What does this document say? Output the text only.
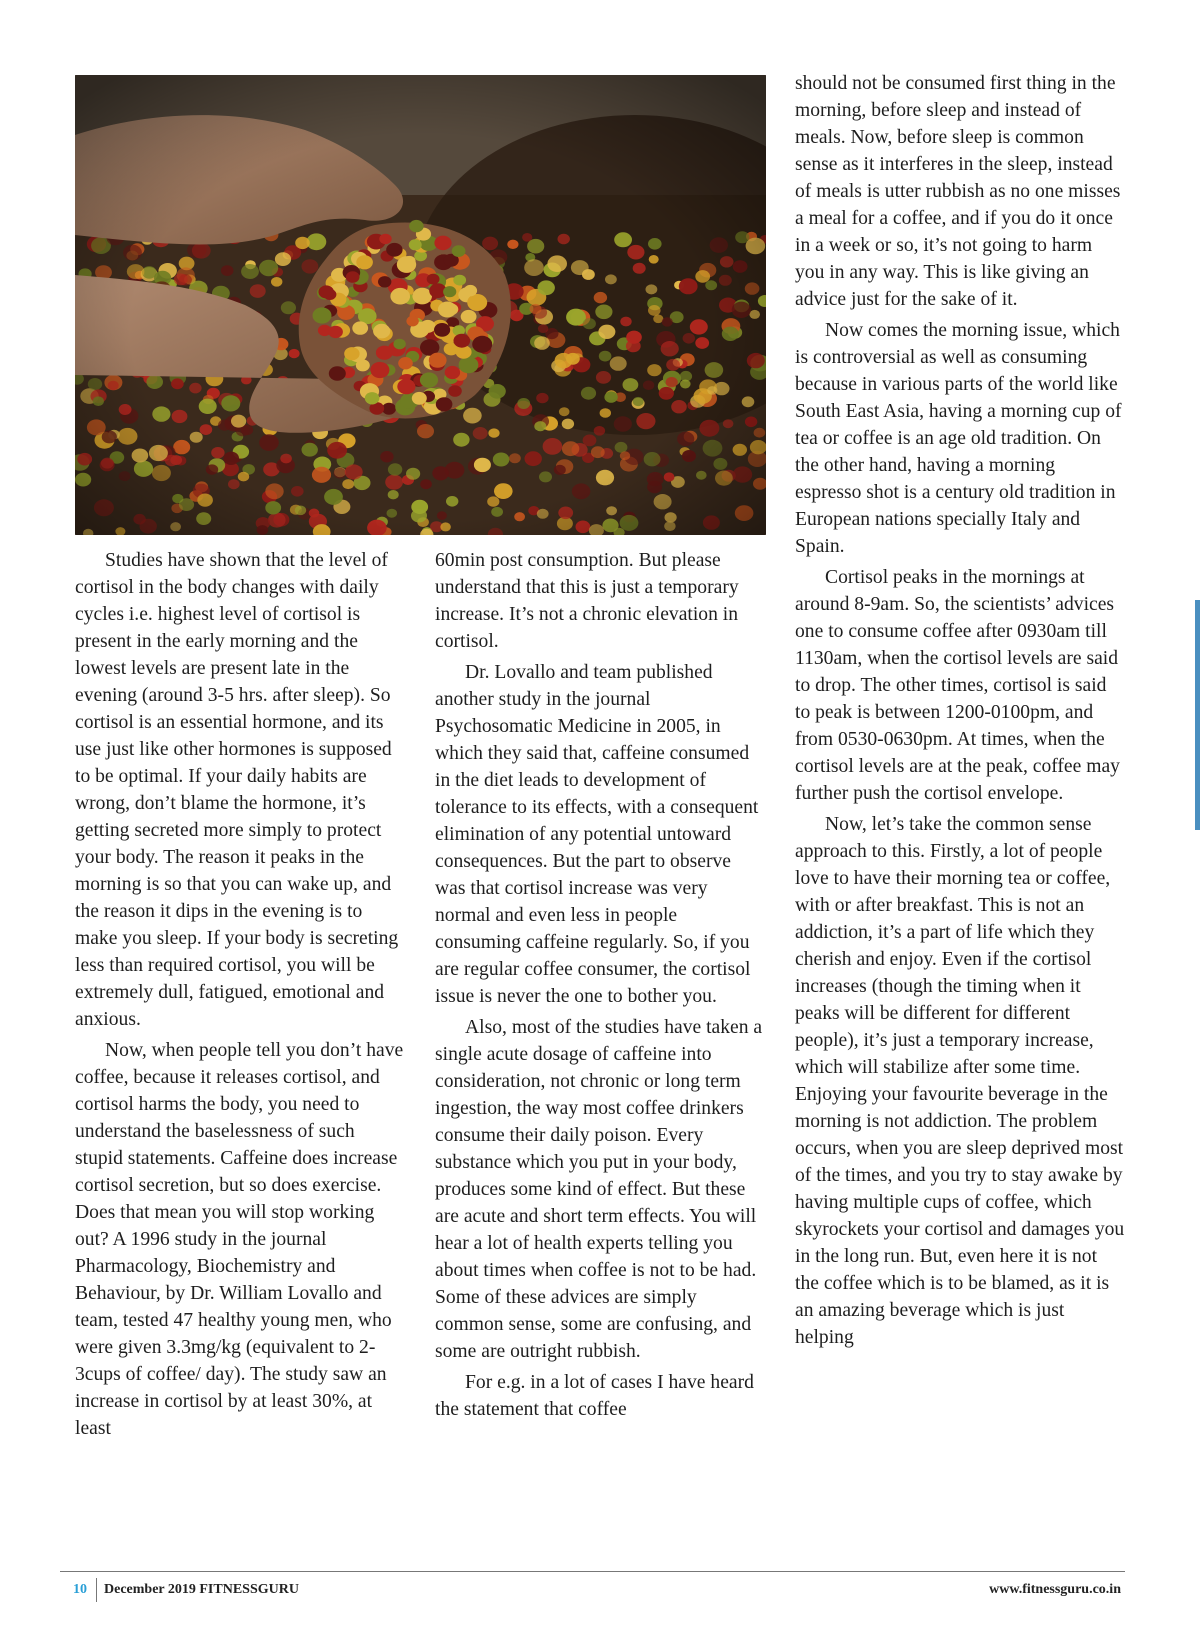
Studies have shown that the level of cortisol in the body changes with daily cycles i.e. highest level of cortisol is present in the early morning and the lowest levels are present late in the evening (around 3-5 hrs. after sleep). So cortisol is an essential hormone, and its use just like other hormones is supposed to be optimal. If your daily habits are wrong, don’t blame the hormone, it’s getting secreted more simply to protect your body. The reason it peaks in the morning is so that you can wake up, and the reason it dips in the evening is to make you sleep. If your body is secreting less than required cortisol, you will be extremely dull, fatigued, emotional and anxious.

Now, when people tell you don’t have coffee, because it releases cortisol, and cortisol harms the body, you need to understand the baselessness of such stupid statements. Caffeine does increase cortisol secretion, but so does exercise. Does that mean you will stop working out? A 1996 study in the journal Pharmacology, Biochemistry and Behaviour, by Dr. William Lovallo and team, tested 47 healthy young men, who were given 3.3mg/kg (equivalent to 2-3cups of coffee/ day). The study saw an increase in cortisol by at least 30%, at least

60min post consumption. But please understand that this is just a temporary increase. It’s not a chronic elevation in cortisol.

Dr. Lovallo and team published another study in the journal Psychosomatic Medicine in 2005, in which they said that, caffeine consumed in the diet leads to development of tolerance to its effects, with a consequent elimination of any potential untoward consequences. But the part to observe was that cortisol increase was very normal and even less in people consuming caffeine regularly. So, if you are regular coffee consumer, the cortisol issue is never the one to bother you.

Also, most of the studies have taken a single acute dosage of caffeine into consideration, not chronic or long term ingestion, the way most coffee drinkers consume their daily poison. Every substance which you put in your body, produces some kind of effect. But these are acute and short term effects. You will hear a lot of health experts telling you about times when coffee is not to be had. Some of these advices are simply common sense, some are confusing, and some are outright rubbish.

For e.g. in a lot of cases I have heard the statement that coffee

should not be consumed first thing in the morning, before sleep and instead of meals. Now, before sleep is common sense as it interferes in the sleep, instead of meals is utter rubbish as no one misses a meal for a coffee, and if you do it once in a week or so, it’s not going to harm you in any way. This is like giving an advice just for the sake of it.

Now comes the morning issue, which is controversial as well as consuming because in various parts of the world like South East Asia, having a morning cup of tea or coffee is an age old tradition. On the other hand, having a morning espresso shot is a century old tradition in European nations specially Italy and Spain.

Cortisol peaks in the mornings at around 8-9am. So, the scientists’ advices one to consume coffee after 0930am till 1130am, when the cortisol levels are said to drop. The other times, cortisol is said to peak is between 1200-0100pm, and from 0530-0630pm. At times, when the cortisol levels are at the peak, coffee may further push the cortisol envelope.

Now, let’s take the common sense approach to this. Firstly, a lot of people love to have their morning tea or coffee, with or after breakfast. This is not an addiction, it’s a part of life which they cherish and enjoy. Even if the cortisol increases (though the timing when it peaks will be different for different people), it’s just a temporary increase, which will stabilize after some time. Enjoying your favourite beverage in the morning is not addiction. The problem occurs, when you are sleep deprived most of the times, and you try to stay awake by having multiple cups of coffee, which skyrockets your cortisol and damages you in the long run. But, even here it is not the coffee which is to be blamed, as it is an amazing beverage which is just helping

10 December 2019 FITNESSGURU	www.fitnessguru.co.in
